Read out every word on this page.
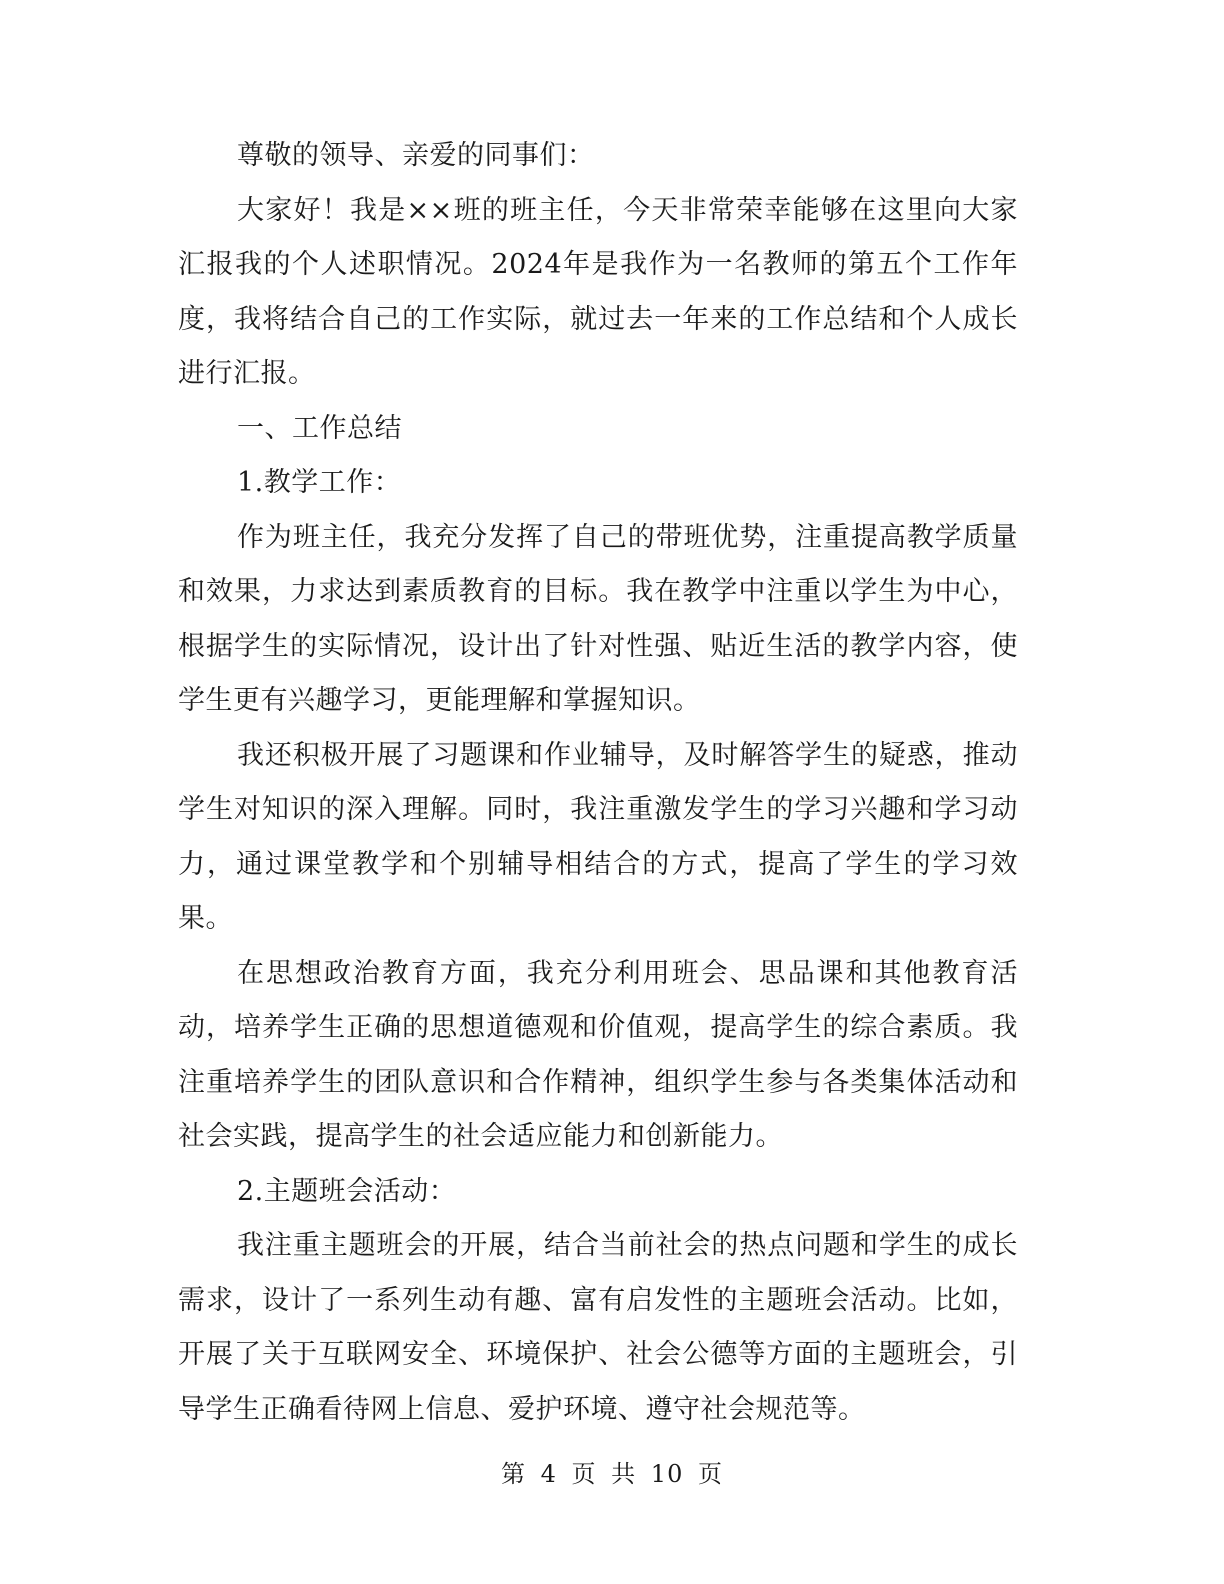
尊敬的领导、亲爱的同事们：

大家好！我是××班的班主任，今天非常荣幸能够在这里向大家汇报我的个人述职情况。2024年是我作为一名教师的第五个工作年度，我将结合自己的工作实际，就过去一年来的工作总结和个人成长进行汇报。

一、工作总结

1.教学工作：

作为班主任，我充分发挥了自己的带班优势，注重提高教学质量和效果，力求达到素质教育的目标。我在教学中注重以学生为中心，根据学生的实际情况，设计出了针对性强、贴近生活的教学内容，使学生更有兴趣学习，更能理解和掌握知识。

我还积极开展了习题课和作业辅导，及时解答学生的疑惑，推动学生对知识的深入理解。同时，我注重激发学生的学习兴趣和学习动力，通过课堂教学和个别辅导相结合的方式，提高了学生的学习效果。

在思想政治教育方面，我充分利用班会、思品课和其他教育活动，培养学生正确的思想道德观和价值观，提高学生的综合素质。我注重培养学生的团队意识和合作精神，组织学生参与各类集体活动和社会实践，提高学生的社会适应能力和创新能力。

2.主题班会活动：

我注重主题班会的开展，结合当前社会的热点问题和学生的成长需求，设计了一系列生动有趣、富有启发性的主题班会活动。比如，开展了关于互联网安全、环境保护、社会公德等方面的主题班会，引导学生正确看待网上信息、爱护环境、遵守社会规范等。

第 4 页 共 10 页
